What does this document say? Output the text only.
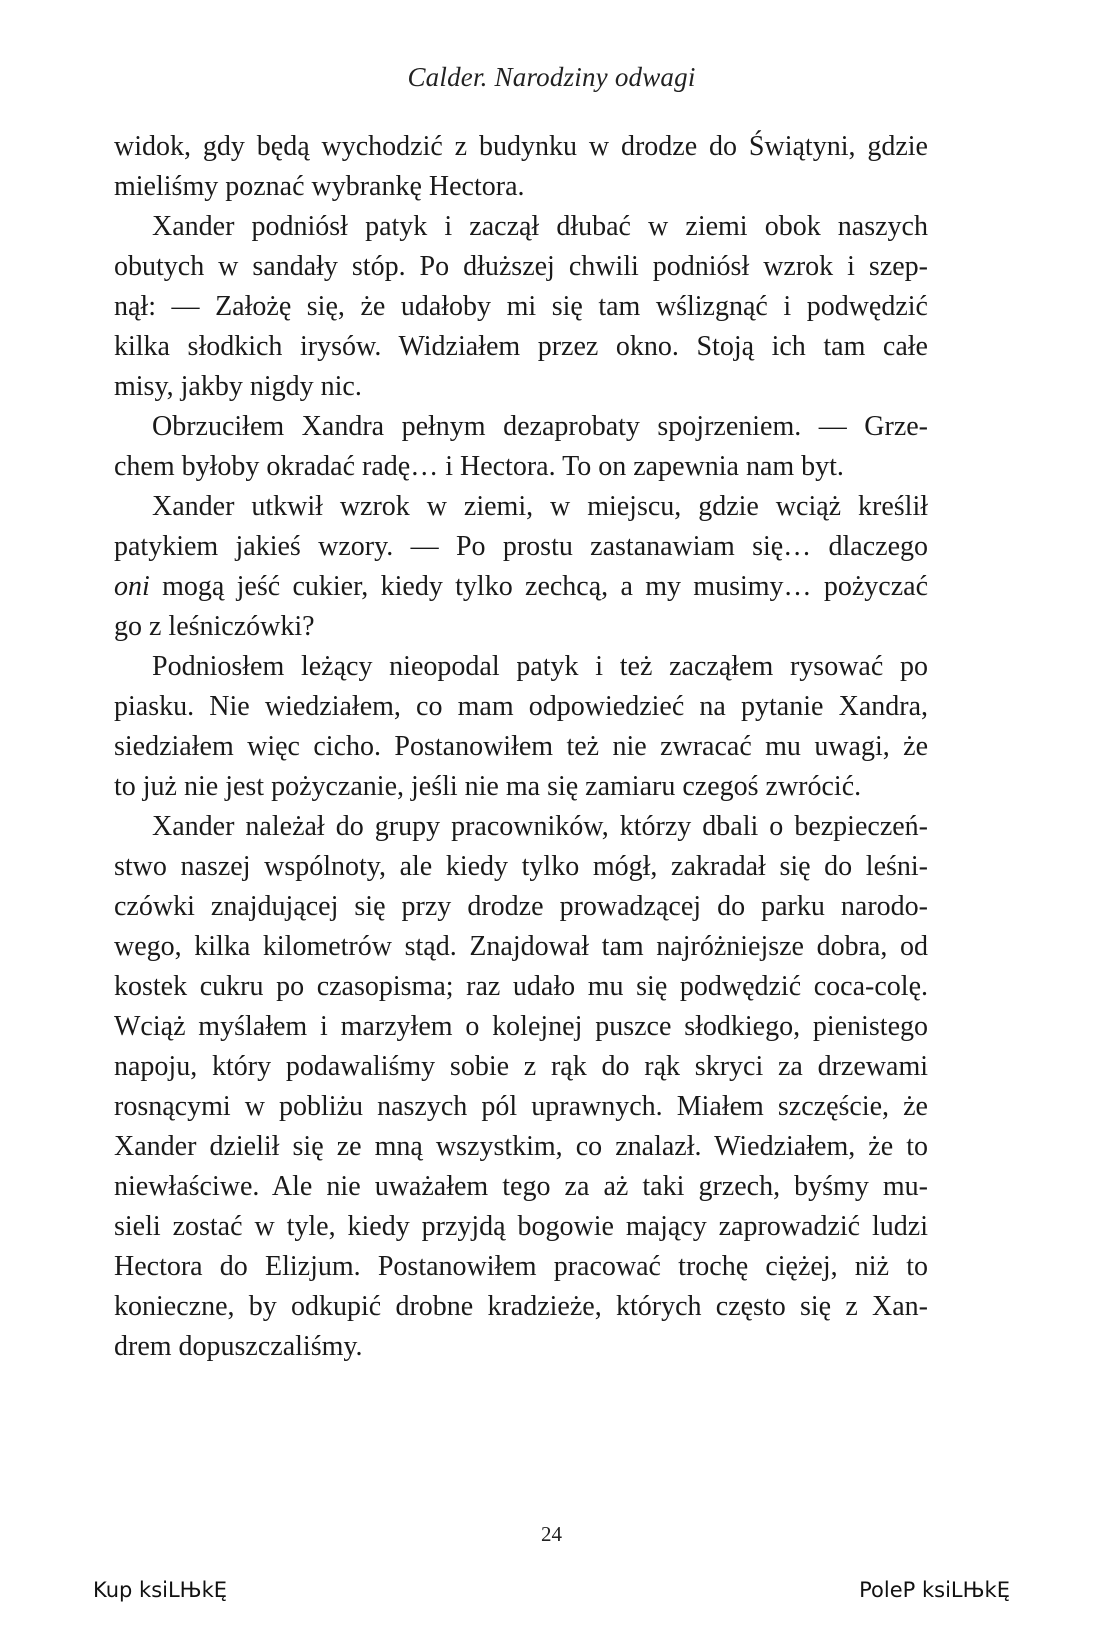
Calder. Narodziny odwagi
widok, gdy będą wychodzić z budynku w drodze do Świątyni, gdzie
mieliśmy poznać wybrankę Hectora.
Xander podniósł patyk i zaczął dłubać w ziemi obok naszych
obutych w sandały stóp. Po dłuższej chwili podniósł wzrok i szep-
nął: — Założę się, że udałoby mi się tam wślizgnąć i podwędzić
kilka słodkich irysów. Widziałem przez okno. Stoją ich tam całe
misy, jakby nigdy nic.
Obrzuciłem Xandra pełnym dezaprobaty spojrzeniem. — Grze-
chem byłoby okradać radę… i Hectora. To on zapewnia nam byt.
Xander utkwił wzrok w ziemi, w miejscu, gdzie wciąż kreślił
patykiem jakieś wzory. — Po prostu zastanawiam się… dlaczego
oni mogą jeść cukier, kiedy tylko zechcą, a my musimy… pożyczać
go z leśniczówki?
Podniosłem leżący nieopodal patyk i też zacząłem rysować po
piasku. Nie wiedziałem, co mam odpowiedzieć na pytanie Xandra,
siedziałem więc cicho. Postanowiłem też nie zwracać mu uwagi, że
to już nie jest pożyczanie, jeśli nie ma się zamiaru czegoś zwrócić.
Xander należał do grupy pracowników, którzy dbali o bezpieczeń-
stwo naszej wspólnoty, ale kiedy tylko mógł, zakradał się do leśni-
czówki znajdującej się przy drodze prowadzącej do parku narodo-
wego, kilka kilometrów stąd. Znajdował tam najróżniejsze dobra, od
kostek cukru po czasopisma; raz udało mu się podwędzić coca-colę.
Wciąż myślałem i marzyłem o kolejnej puszce słodkiego, pienistego
napoju, który podawaliśmy sobie z rąk do rąk skryci za drzewami
rosnącymi w pobliżu naszych pól uprawnych. Miałem szczęście, że
Xander dzielił się ze mną wszystkim, co znalazł. Wiedziałem, że to
niewłaściwe. Ale nie uważałem tego za aż taki grzech, byśmy mu-
sieli zostać w tyle, kiedy przyjdą bogowie mający zaprowadzić ludzi
Hectora do Elizjum. Postanowiłem pracować trochę ciężej, niż to
konieczne, by odkupić drobne kradzieże, których często się z Xan-
drem dopuszczaliśmy.
24
Kup ksiLЊkĘ	PoleР ksiLЊkĘ
